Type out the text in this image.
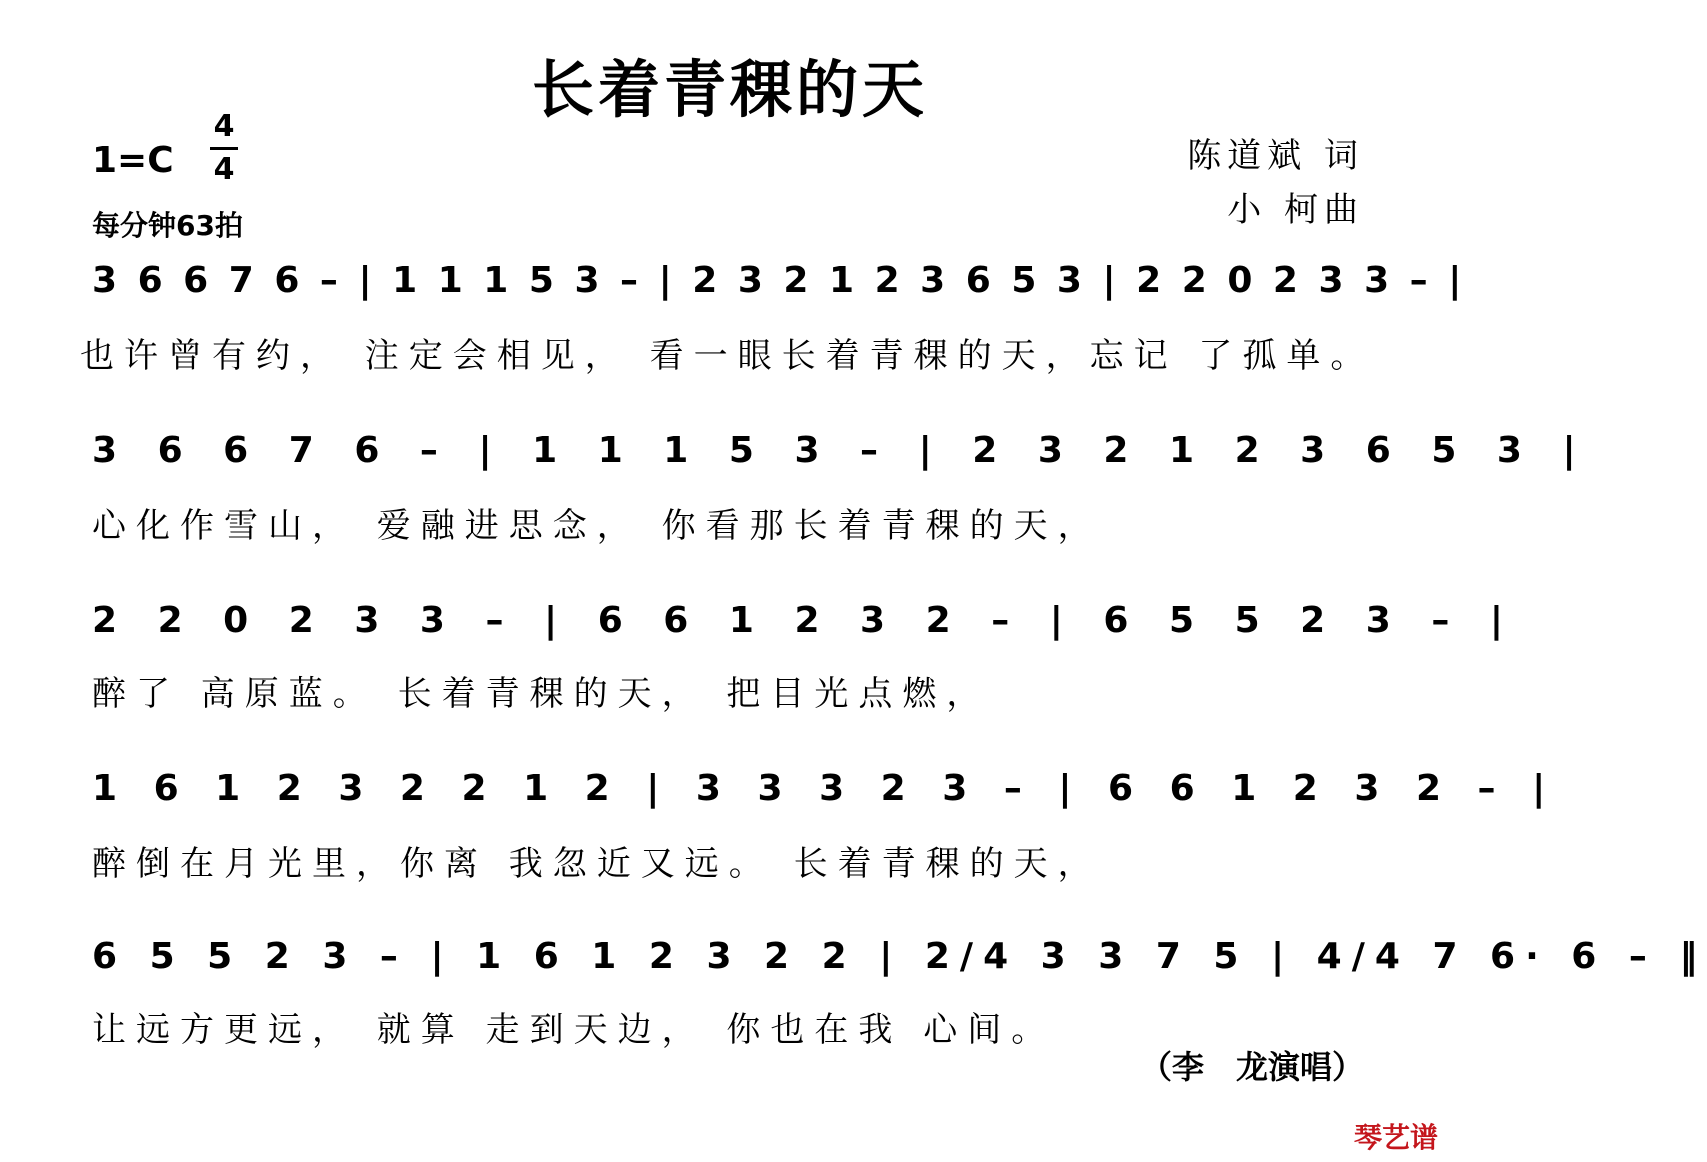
长着青稞的天
1=C
4
4
每分钟63拍
陈道斌 词
小 柯曲
3 6 6 7 6 – | 1 1 1 5 3 – | 2 3 2 1 2 3 6 5 3 | 2 2 0 2 3 3 – |
也许曾有约， 注定会相见， 看一眼长着青稞的天，忘记 了孤单。
3 6 6 7 6 – | 1 1 1 5 3 – | 2 3 2 1 2 3 6 5 3 |
心化作雪山， 爱融进思念， 你看那长着青稞的天，
2 2 0 2 3 3 – | 6 6 1 2 3 2 – | 6 5 5 2 3 – |
醉了 高原蓝。 长着青稞的天， 把目光点燃，
1 6 1 2 3 2 2 1 2 | 3 3 3 2 3 – | 6 6 1 2 3 2 – |
醉倒在月光里，你离 我忽近又远。 长着青稞的天，
6 5 5 2 3 – | 1 6 1 2 3 2 2 | 2/4 3 3 7 5 | 4/4 7 6· 6 – ‖
让远方更远， 就算 走到天边， 你也在我 心间。
（李　龙演唱）
琴艺谱
